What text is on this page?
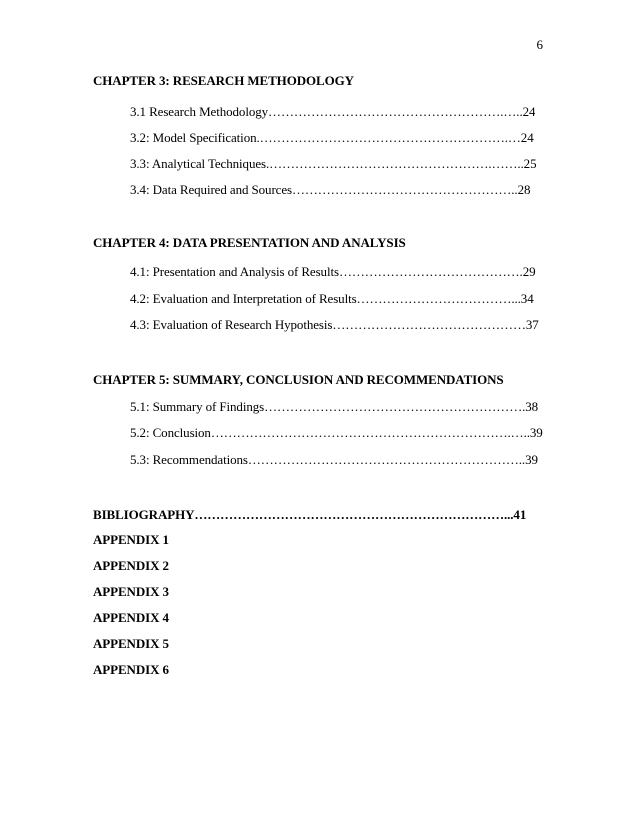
6
CHAPTER 3: RESEARCH METHODOLOGY
3.1 Research Methodology……………………………………………….…..24
3.2: Model Specification.………………………………………………….…24
3.3: Analytical Techniques.…………………………………………….……..25
3.4: Data Required and Sources……………………………………………..28
CHAPTER 4: DATA PRESENTATION AND ANALYSIS
4.1: Presentation and Analysis of Results…………………………………….29
4.2: Evaluation and Interpretation of Results………………………………...34
4.3: Evaluation of Research Hypothesis………………………………………37
CHAPTER 5: SUMMARY, CONCLUSION AND RECOMMENDATIONS
5.1: Summary of Findings…………………………………………………….38
5.2: Conclusion…………………………………………………………….…..39
5.3: Recommendations………………………………………………………..39
BIBLIOGRAPHY………………………………………………………………...41
APPENDIX 1
APPENDIX 2
APPENDIX 3
APPENDIX 4
APPENDIX 5
APPENDIX 6
